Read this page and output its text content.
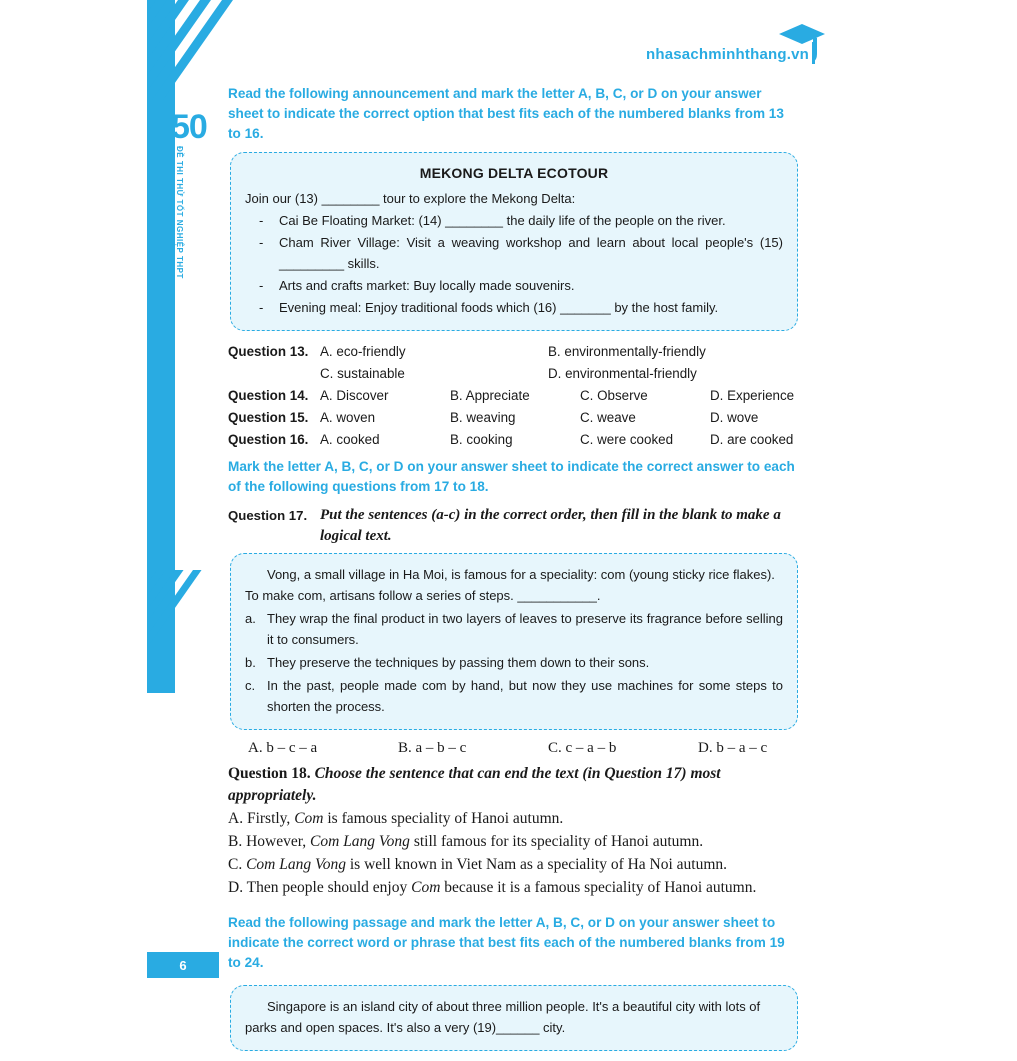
50
ĐỀ THI THỬ TỐT NGHIỆP THPT
nhasachminhthang.vn
Read the following announcement and mark the letter A, B, C, or D on your answer sheet to indicate the correct option that best fits each of the numbered blanks from 13 to 16.
MEKONG DELTA ECOTOUR
Join our (13) ________ tour to explore the Mekong Delta:
- Cai Be Floating Market: (14) ________ the daily life of the people on the river.
- Cham River Village: Visit a weaving workshop and learn about local people's (15) _________ skills.
- Arts and crafts market: Buy locally made souvenirs.
- Evening meal: Enjoy traditional foods which (16) _______ by the host family.
Question 13. A. eco-friendly	B. environmentally-friendly
C. sustainable	D. environmental-friendly
Question 14. A. Discover	B. Appreciate	C. Observe	D. Experience
Question 15. A. woven	B. weaving	C. weave	D. wove
Question 16. A. cooked	B. cooking	C. were cooked	D. are cooked
Mark the letter A, B, C, or D on your answer sheet to indicate the correct answer to each of the following questions from 17 to 18.
Question 17. Put the sentences (a-c) in the correct order, then fill in the blank to make a logical text.
Vong, a small village in Ha Moi, is famous for a speciality: com (young sticky rice flakes). To make com, artisans follow a series of steps. ___________.
a. They wrap the final product in two layers of leaves to preserve its fragrance before selling it to consumers.
b. They preserve the techniques by passing them down to their sons.
c. In the past, people made com by hand, but now they use machines for some steps to shorten the process.
A. b – c – a	B. a – b – c	C. c – a – b	D. b – a – c
Question 18. Choose the sentence that can end the text (in Question 17) most appropriately.
A. Firstly, Com is famous speciality of Hanoi autumn.
B. However, Com Lang Vong still famous for its speciality of Hanoi autumn.
C. Com Lang Vong is well known in Viet Nam as a speciality of Ha Noi autumn.
D. Then people should enjoy Com because it is a famous speciality of Hanoi autumn.
Read the following passage and mark the letter A, B, C, or D on your answer sheet to indicate the correct word or phrase that best fits each of the numbered blanks from 19 to 24.
Singapore is an island city of about three million people. It's a beautiful city with lots of parks and open spaces. It's also a very (19)______ city.
6
